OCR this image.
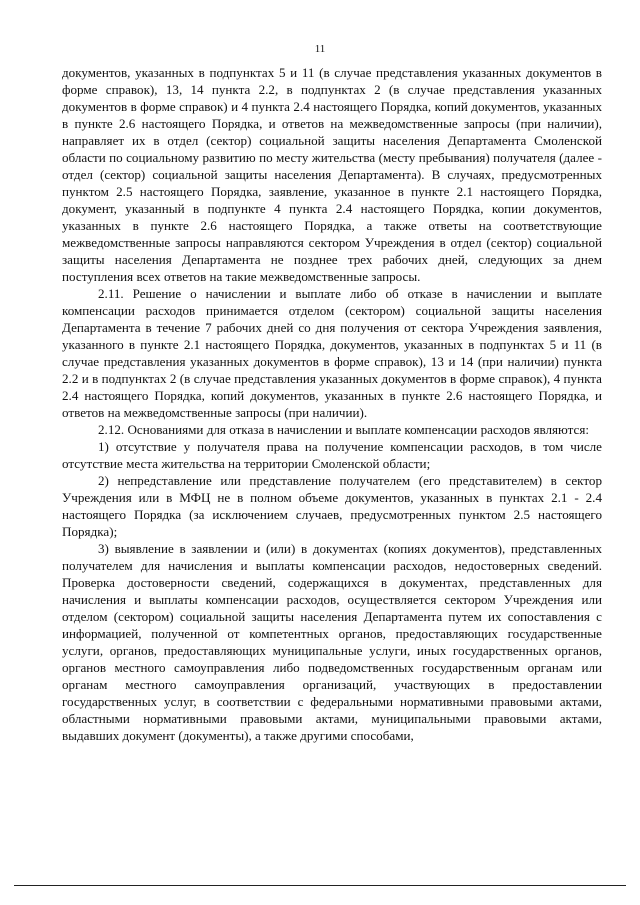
11

документов, указанных в подпунктах 5 и 11 (в случае представления указанных документов в форме справок), 13, 14 пункта 2.2, в подпунктах 2 (в случае представления указанных документов в форме справок) и 4 пункта 2.4 настоящего Порядка, копий документов, указанных в пункте 2.6 настоящего Порядка, и ответов на межведомственные запросы (при наличии), направляет их в отдел (сектор) социальной защиты населения Департамента Смоленской области по социальному развитию по месту жительства (месту пребывания) получателя (далее - отдел (сектор) социальной защиты населения Департамента). В случаях, предусмотренных пунктом 2.5 настоящего Порядка, заявление, указанное в пункте 2.1 настоящего Порядка, документ, указанный в подпункте 4 пункта 2.4 настоящего Порядка, копии документов, указанных в пункте 2.6 настоящего Порядка, а также ответы на соответствующие межведомственные запросы направляются сектором Учреждения в отдел (сектор) социальной защиты населения Департамента не позднее трех рабочих дней, следующих за днем поступления всех ответов на такие межведомственные запросы.

2.11. Решение о начислении и выплате либо об отказе в начислении и выплате компенсации расходов принимается отделом (сектором) социальной защиты населения Департамента в течение 7 рабочих дней со дня получения от сектора Учреждения заявления, указанного в пункте 2.1 настоящего Порядка, документов, указанных в подпунктах 5 и 11 (в случае представления указанных документов в форме справок), 13 и 14 (при наличии) пункта 2.2 и в подпунктах 2 (в случае представления указанных документов в форме справок), 4 пункта 2.4 настоящего Порядка, копий документов, указанных в пункте 2.6 настоящего Порядка, и ответов на межведомственные запросы (при наличии).

2.12. Основаниями для отказа в начислении и выплате компенсации расходов являются:

1) отсутствие у получателя права на получение компенсации расходов, в том числе отсутствие места жительства на территории Смоленской области;

2) непредставление или представление получателем (его представителем) в сектор Учреждения или в МФЦ не в полном объеме документов, указанных в пунктах 2.1 - 2.4 настоящего Порядка (за исключением случаев, предусмотренных пунктом 2.5 настоящего Порядка);

3) выявление в заявлении и (или) в документах (копиях документов), представленных получателем для начисления и выплаты компенсации расходов, недостоверных сведений. Проверка достоверности сведений, содержащихся в документах, представленных для начисления и выплаты компенсации расходов, осуществляется сектором Учреждения или отделом (сектором) социальной защиты населения Департамента путем их сопоставления с информацией, полученной от компетентных органов, предоставляющих государственные услуги, органов, предоставляющих муниципальные услуги, иных государственных органов, органов местного самоуправления либо подведомственных государственным органам или органам местного самоуправления организаций, участвующих в предоставлении государственных услуг, в соответствии с федеральными нормативными правовыми актами, областными нормативными правовыми актами, муниципальными правовыми актами, выдавших документ (документы), а также другими способами,
